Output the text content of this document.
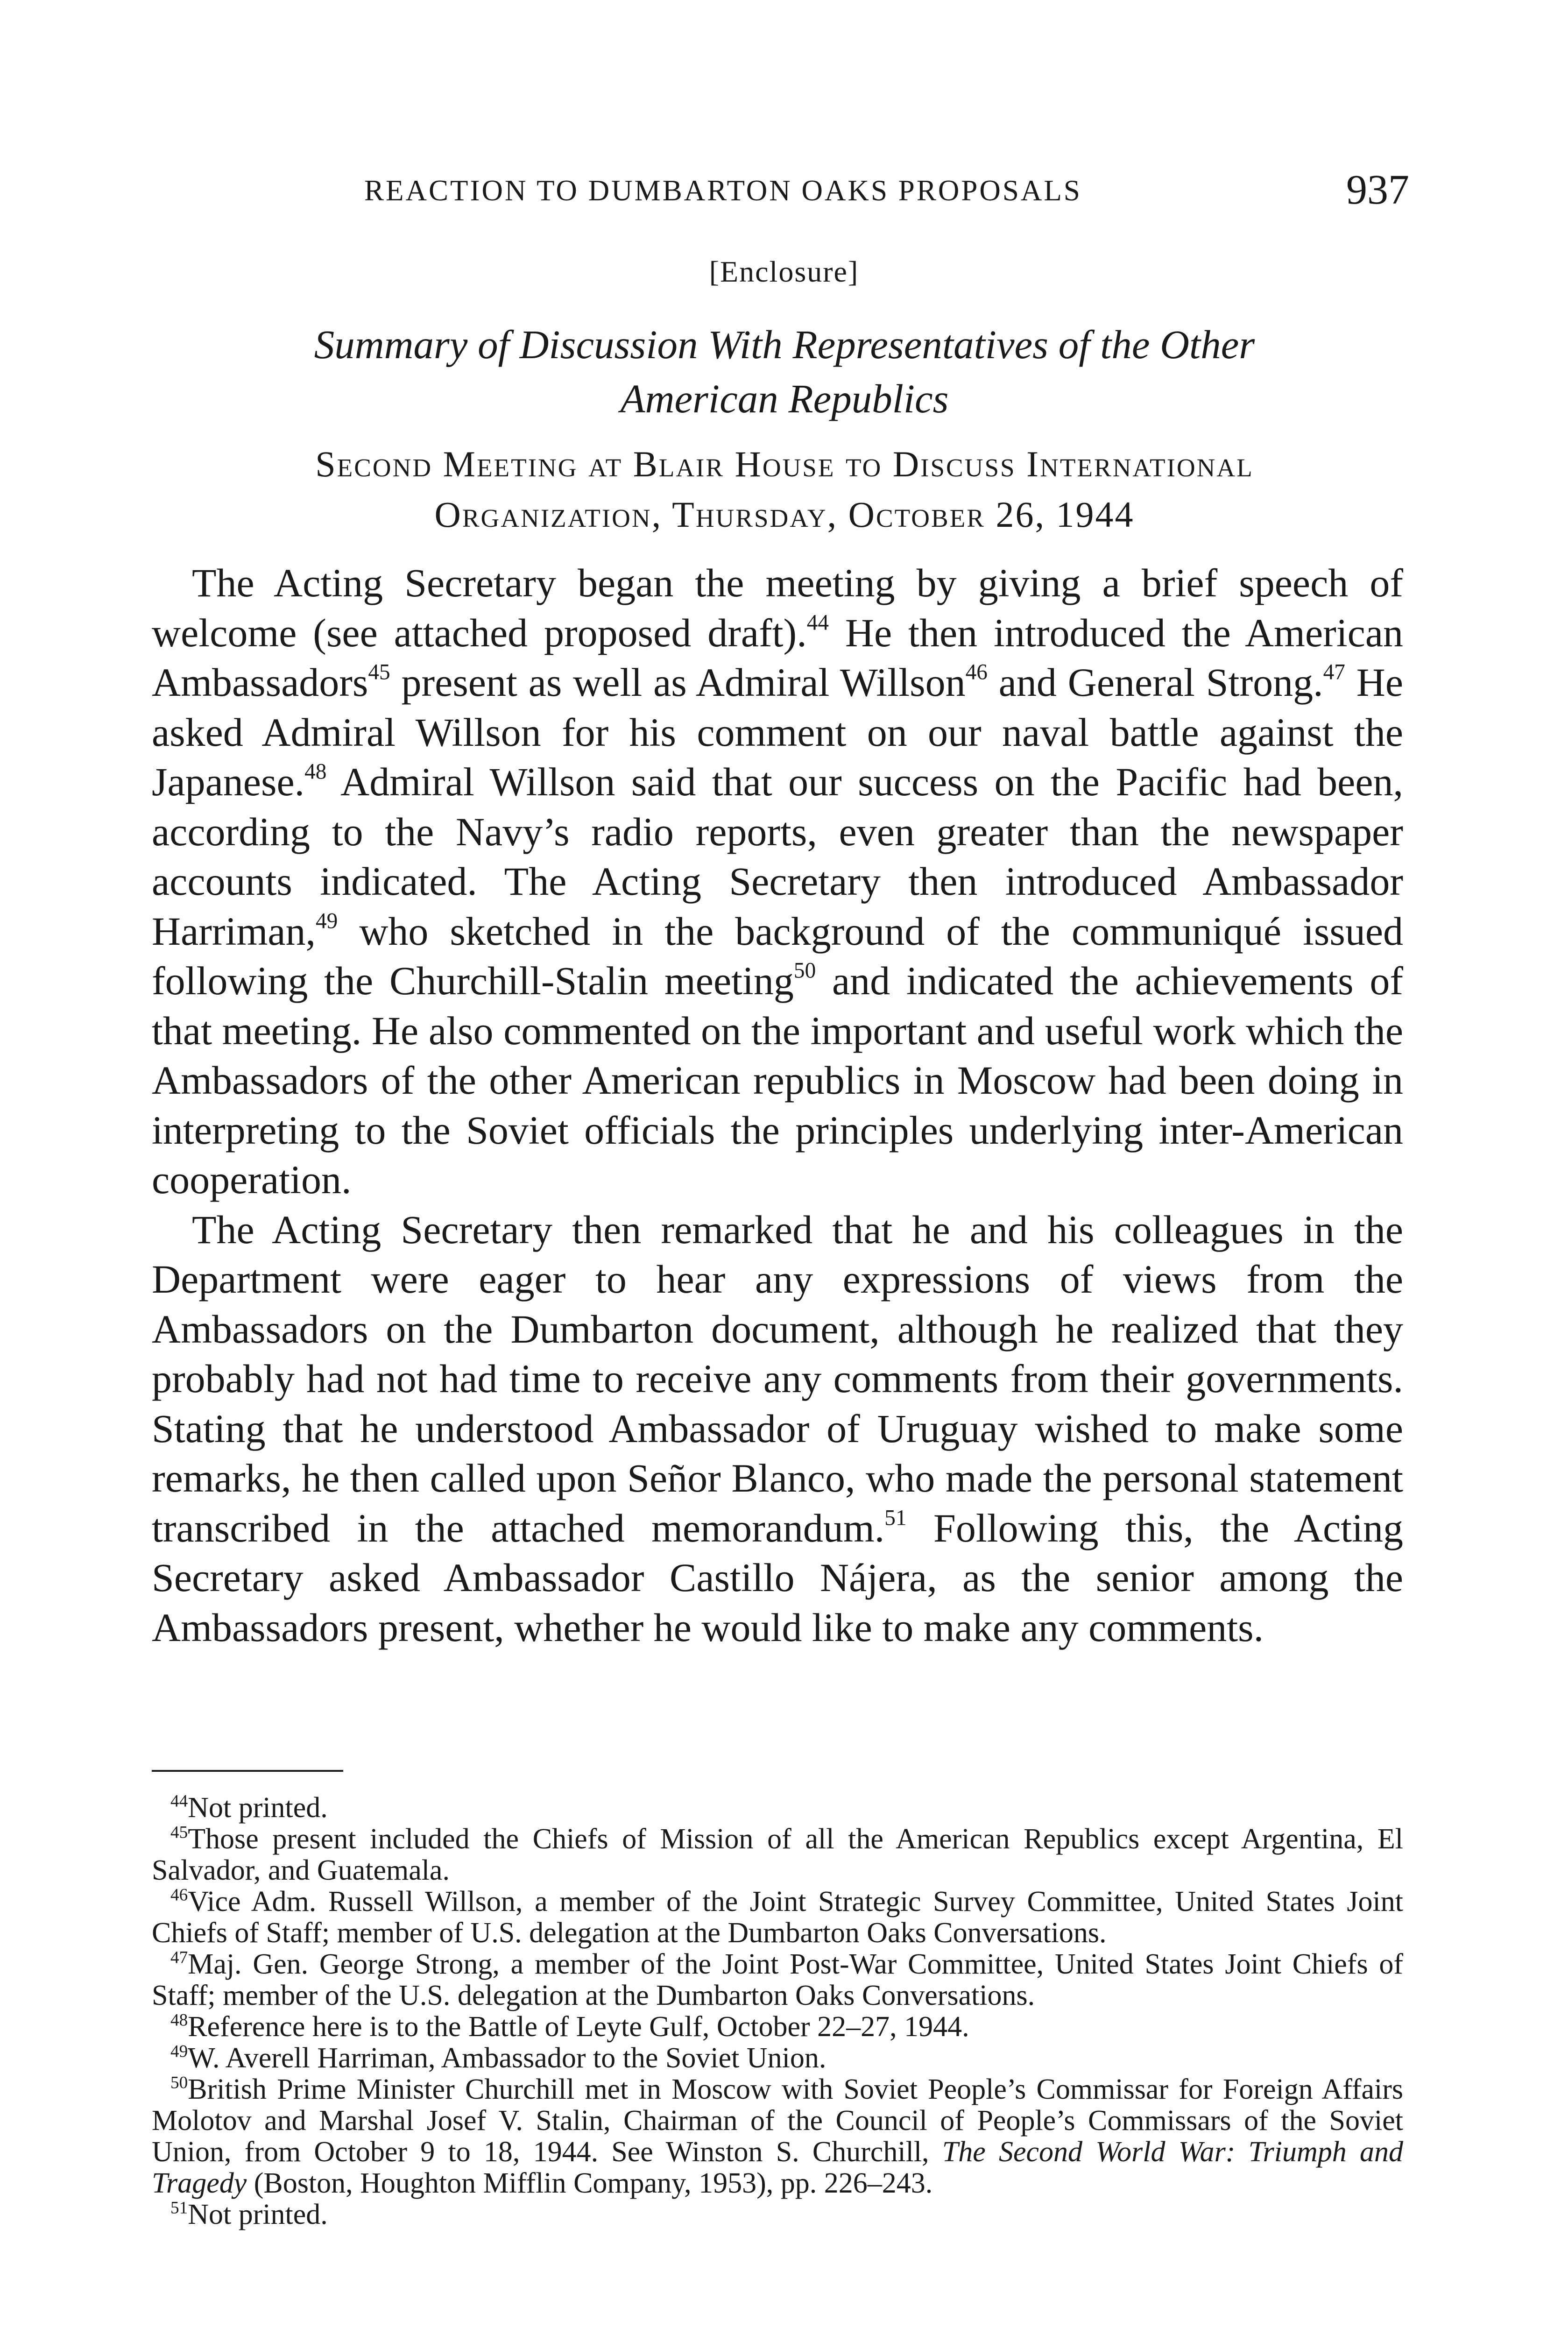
REACTION TO DUMBARTON OAKS PROPOSALS	937
[Enclosure]
Summary of Discussion With Representatives of the Other
American Republics
Second Meeting at Blair House to Discuss International
Organization, Thursday, October 26, 1944

The Acting Secretary began the meeting by giving a brief speech of welcome (see attached proposed draft).$^{44}$ He then introduced the American Ambassadors$^{45}$ present as well as Admiral Willson$^{46}$ and General Strong.$^{47}$ He asked Admiral Willson for his comment on our naval battle against the Japanese.$^{48}$ Admiral Willson said that our success on the Pacific had been, according to the Navy’s radio reports, even greater than the newspaper accounts indicated. The Acting Secretary then introduced Ambassador Harriman,$^{49}$ who sketched in the background of the communiqué issued following the Churchill-Stalin meeting$^{50}$ and indicated the achievements of that meeting. He also commented on the important and useful work which the Ambassadors of the other American republics in Moscow had been doing in interpreting to the Soviet officials the principles underlying inter-American cooperation.

The Acting Secretary then remarked that he and his colleagues in the Department were eager to hear any expressions of views from the Ambassadors on the Dumbarton document, although he realized that they probably had not had time to receive any comments from their governments. Stating that he understood Ambassador of Uruguay wished to make some remarks, he then called upon Señor Blanco, who made the personal statement transcribed in the attached memorandum.$^{51}$ Following this, the Acting Secretary asked Ambassador Castillo Nájera, as the senior among the Ambassadors present, whether he would like to make any comments.

$^{44}$Not printed.

$^{45}$Those present included the Chiefs of Mission of all the American Republics except Argentina, El Salvador, and Guatemala.

$^{46}$Vice Adm. Russell Willson, a member of the Joint Strategic Survey Committee, United States Joint Chiefs of Staff; member of U.S. delegation at the Dumbarton Oaks Conversations.

$^{47}$Maj. Gen. George Strong, a member of the Joint Post-War Committee, United States Joint Chiefs of Staff; member of the U.S. delegation at the Dumbarton Oaks Conversations.

$^{48}$Reference here is to the Battle of Leyte Gulf, October 22–27, 1944.

$^{49}$W. Averell Harriman, Ambassador to the Soviet Union.

$^{50}$British Prime Minister Churchill met in Moscow with Soviet People’s Commissar for Foreign Affairs Molotov and Marshal Josef V. Stalin, Chairman of the Council of People’s Commissars of the Soviet Union, from October 9 to 18, 1944. See Winston S. Churchill, The Second World War: Triumph and Tragedy (Boston, Houghton Mifflin Company, 1953), pp. 226–243.

$^{51}$Not printed.
